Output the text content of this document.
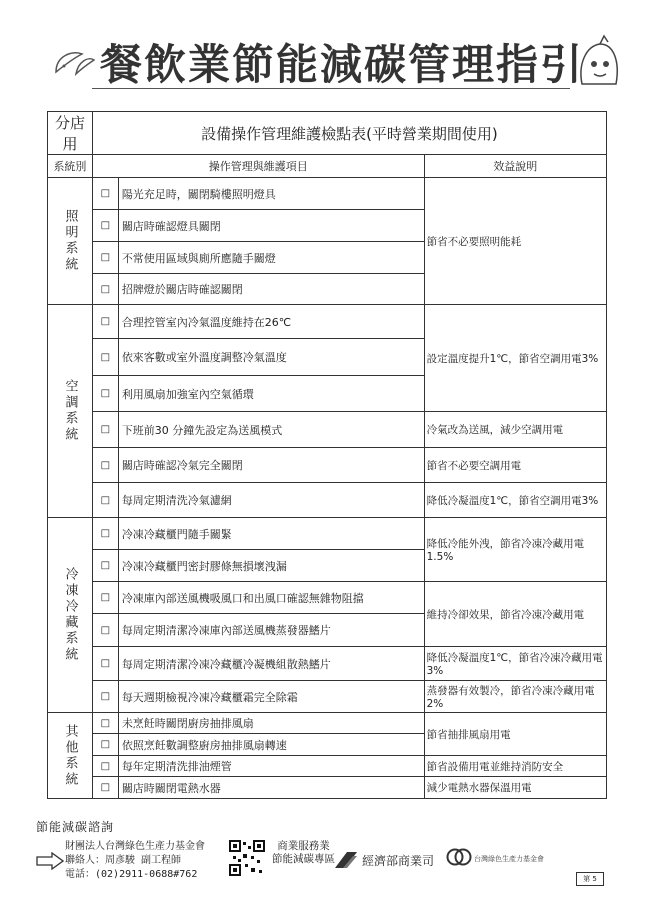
餐飲業節能減碳管理指引
分店用	設備操作管理維護檢點表(平時營業期間使用)		
系統別	操作管理與維護項目		效益說明
照明系統	□	陽光充足時，關閉騎樓照明燈具	節省不必要照明能耗
	□	關店時確認燈具關閉	
	□	不常使用區域與廁所應隨手關燈	
	□	招牌燈於關店時確認關閉	
空調系統	□	合理控管室內冷氣溫度維持在26℃	設定溫度提升1℃，節省空調用電3%
	□	依來客數或室外溫度調整冷氣溫度	
	□	利用風扇加強室內空氣循環	
	□	下班前30 分鐘先設定為送風模式	冷氣改為送風，減少空調用電
	□	關店時確認冷氣完全關閉	節省不必要空調用電
	□	每周定期清洗冷氣濾網	降低冷凝溫度1℃，節省空調用電3%
冷凍冷藏系統	□	冷凍冷藏櫃門隨手關緊	降低冷能外洩，節省冷凍冷藏用電1.5%
	□	冷凍冷藏櫃門密封膠條無損壞洩漏	
	□	冷凍庫內部送風機吸風口和出風口確認無雜物阻擋	維持冷卻效果，節省冷凍冷藏用電
	□	每周定期清潔冷凍庫內部送風機蒸發器鰭片	
	□	每周定期清潔冷凍冷藏櫃冷凝機組散熱鰭片	降低冷凝溫度1℃，節省冷凍冷藏用電3%
	□	每天週期檢視冷凍冷藏櫃霜完全除霜	蒸發器有效製冷，節省冷凍冷藏用電2%
其他系統	□	未烹飪時關閉廚房抽排風扇	節省抽排風扇用電
	□	依照烹飪數調整廚房抽排風扇轉速	
	□	每年定期清洗排油煙管	節省設備用電並維持消防安全
	□	關店時關閉電熱水器	減少電熱水器保溫用電
節能減碳諮詢
財團法人台灣綠色生產力基金會
聯絡人：周彥駿 副工程師
電話：(02)2911-0688#762
商業服務業
節能減碳專區 經濟部商業司	台灣綠色生產力基金會
第 5
